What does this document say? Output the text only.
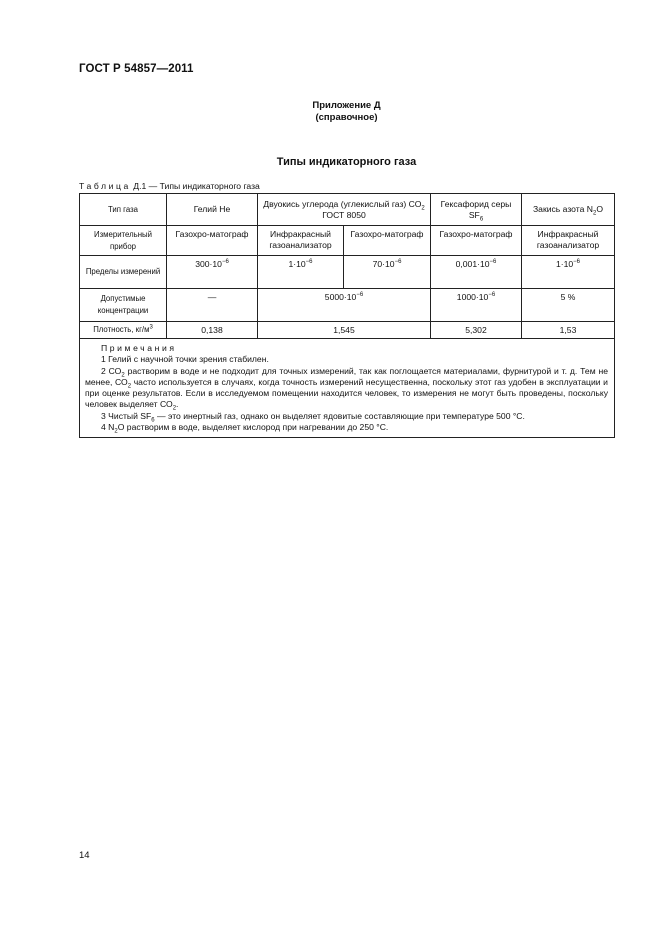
ГОСТ Р 54857—2011
Приложение Д
(справочное)
Типы индикаторного газа
Таблица Д.1 — Типы индикаторного газа
Тип газа	Гелий Не	Двуокись углерода (углекислый газ) $СО_2$ ГОСТ 8050		Гексафорид серы $SF_6$	Закись азота $N_2O$
Измерительный прибор	Газохро-матограф	Инфракрасный газоанализатор	Газохро-матограф	Газохро-матограф	Инфракрасный газоанализатор
Пределы измерений	$300\cdot 10^{-6}$	$1\cdot 10^{-6}$	$70\cdot 10^{-6}$	$0,001\cdot 10^{-6}$	$1\cdot 10^{-6}$
Допустимые концентрации	—	$5000\cdot 10^{-6}$		$1000\cdot 10^{-6}$	5 %
Плотность, $кг/м^3$	0,138	1,545		5,302	1,53

Примечания
1 Гелий с научной точки зрения стабилен.
2 $СО_2$ растворим в воде и не подходит для точных измерений, так как поглощается материалами, фурнитурой и т. д. Тем не менее, $СО_2$ часто используется в случаях, когда точность измерений несущественна, поскольку этот газ удобен в эксплуатации и при оценке результатов. Если в исследуемом помещении находится человек, то измерения не могут быть проведены, поскольку человек выделяет $СО_2$.
3 Чистый $SF_6$ — это инертный газ, однако он выделяет ядовитые составляющие при температуре 500 °С.
4 $N_2O$ растворим в воде, выделяет кислород при нагревании до 250 °С.					
14
